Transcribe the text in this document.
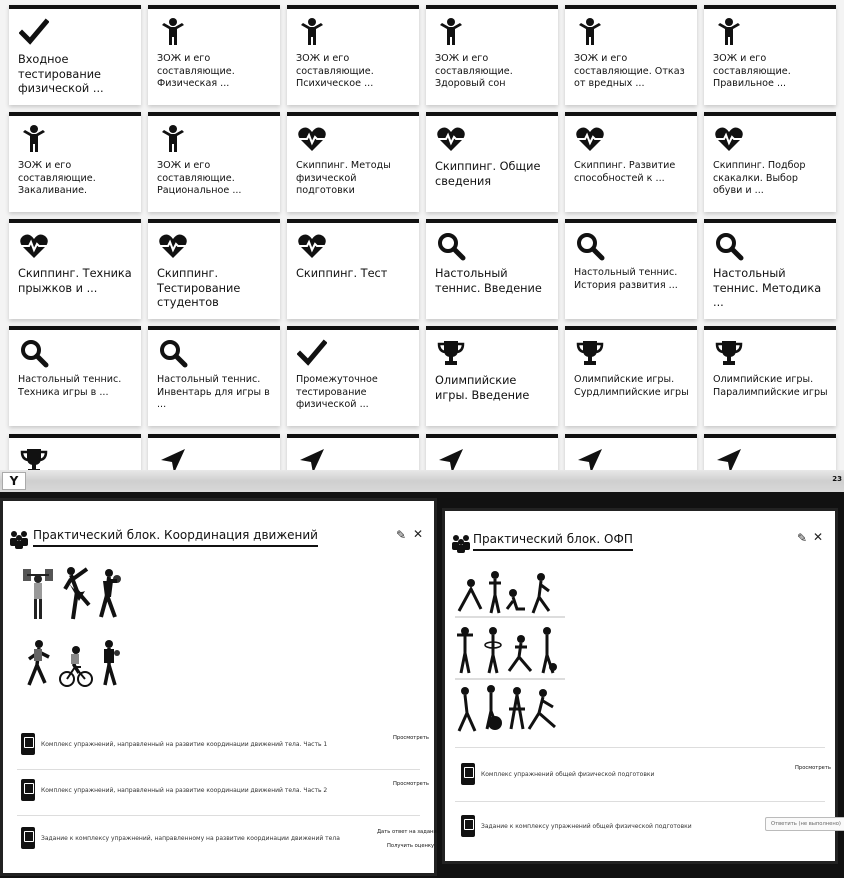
Входное тестирование физической ...
ЗОЖ и его составляющие. Физическая ...
ЗОЖ и его составляющие. Психическое ...
ЗОЖ и его составляющие. Здоровый сон
ЗОЖ и его составляющие. Отказ от вредных ...
ЗОЖ и его составляющие. Правильное ...
ЗОЖ и его составляющие. Закаливание.
ЗОЖ и его составляющие. Рациональное ...
Скиппинг. Методы физической подготовки
Скиппинг. Общие сведения
Скиппинг. Развитие способностей к ...
Скиппинг. Подбор скакалки. Выбор обуви и ...
Скиппинг. Техника прыжков и ...
Скиппинг. Тестирование студентов
Скиппинг. Тест	Настольный теннис. Введение
Настольный теннис. История развития ...
Настольный теннис. Методика ...
Настольный теннис. Техника игры в ...
Настольный теннис. Инвентарь для игры в ...
Промежуточное тестирование физической ...
Олимпийские игры. Введение
Олимпийские игры. Сурдлимпийские игры
Олимпийские игры. Паралимпийские игры
Y	23
Практический блок. Координация движений	✎ ✕
Комплекс упражнений, направленный на развитие координации движений тела. Часть 1
Просмотреть
Комплекс упражнений, направленный на развитие координации движений тела. Часть 2
Просмотреть
Задание к комплексу упражнений, направленному на развитие координации движений тела
Дать ответ на задание
Получить оценку
Практический блок. ОФП	✎ ✕
Комплекс упражнений общей физической подготовки
Просмотреть
Задание к комплексу упражнений общей физической подготовки	Ответить (не выполнено)
